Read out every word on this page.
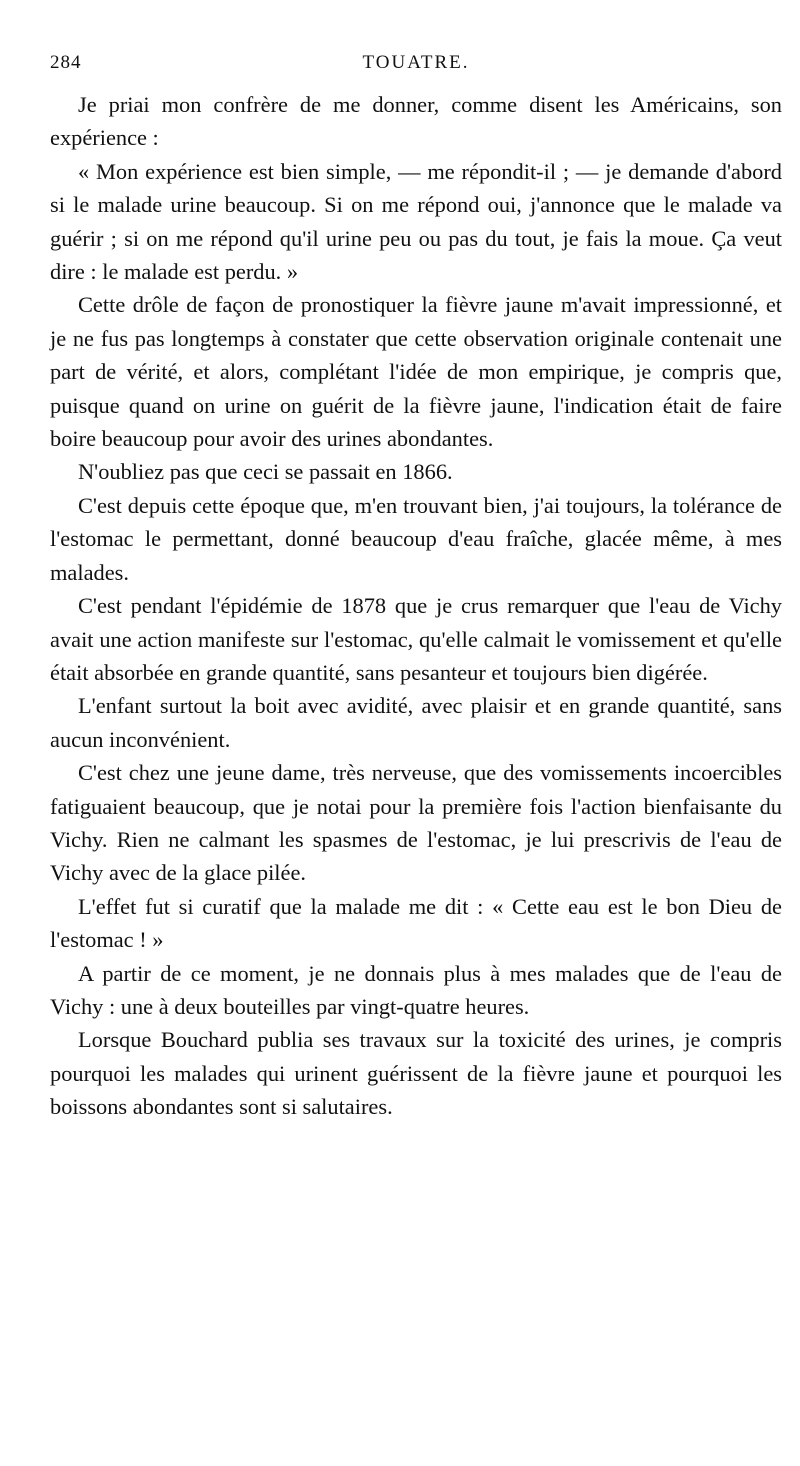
284	TOUATRE.

Je priai mon confrère de me donner, comme disent les Américains, son expérience :

« Mon expérience est bien simple, — me répondit-il ; — je demande d'abord si le malade urine beaucoup. Si on me répond oui, j'annonce que le malade va guérir ; si on me répond qu'il urine peu ou pas du tout, je fais la moue. Ça veut dire : le malade est perdu. »

Cette drôle de façon de pronostiquer la fièvre jaune m'avait impressionné, et je ne fus pas longtemps à constater que cette observation originale contenait une part de vérité, et alors, complétant l'idée de mon empirique, je compris que, puisque quand on urine on guérit de la fièvre jaune, l'indication était de faire boire beaucoup pour avoir des urines abondantes.

N'oubliez pas que ceci se passait en 1866.

C'est depuis cette époque que, m'en trouvant bien, j'ai toujours, la tolérance de l'estomac le permettant, donné beaucoup d'eau fraîche, glacée même, à mes malades.

C'est pendant l'épidémie de 1878 que je crus remarquer que l'eau de Vichy avait une action manifeste sur l'estomac, qu'elle calmait le vomissement et qu'elle était absorbée en grande quantité, sans pesanteur et toujours bien digérée.

L'enfant surtout la boit avec avidité, avec plaisir et en grande quantité, sans aucun inconvénient.

C'est chez une jeune dame, très nerveuse, que des vomissements incoercibles fatiguaient beaucoup, que je notai pour la première fois l'action bienfaisante du Vichy. Rien ne calmant les spasmes de l'estomac, je lui prescrivis de l'eau de Vichy avec de la glace pilée.

L'effet fut si curatif que la malade me dit : « Cette eau est le bon Dieu de l'estomac ! »

A partir de ce moment, je ne donnais plus à mes malades que de l'eau de Vichy : une à deux bouteilles par vingt-quatre heures.

Lorsque Bouchard publia ses travaux sur la toxicité des urines, je compris pourquoi les malades qui urinent guérissent de la fièvre jaune et pourquoi les boissons abondantes sont si salutaires.
